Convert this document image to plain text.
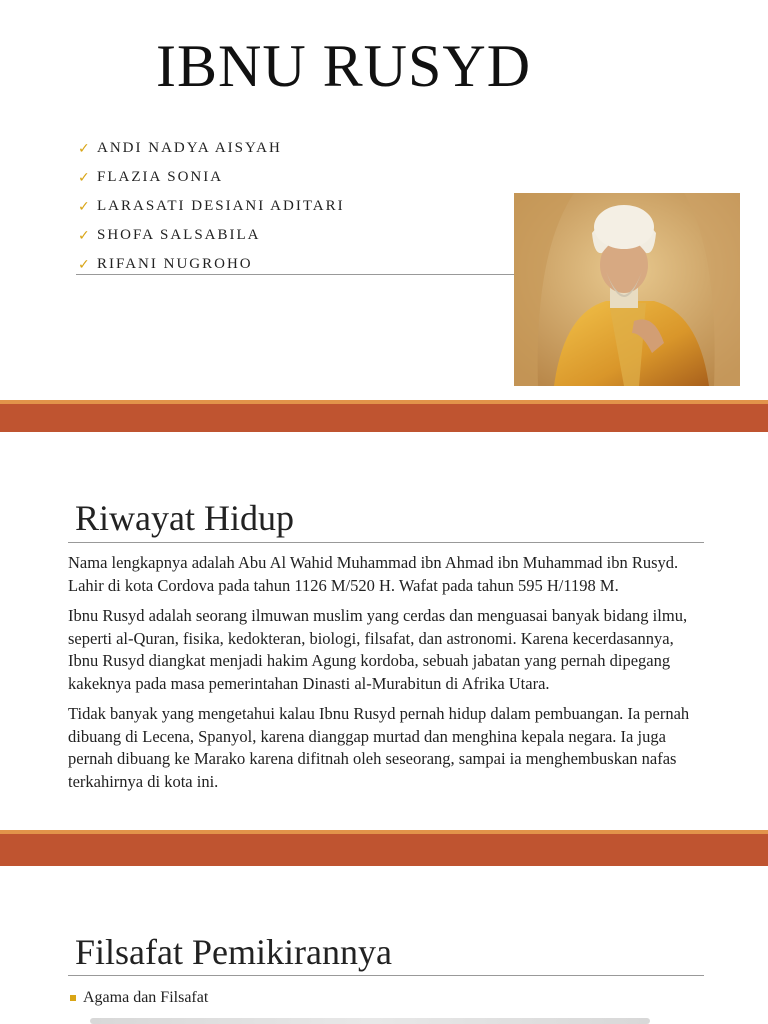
IBNU RUSYD
✓ ANDI NADYA AISYAH
✓ FLAZIA SONIA
✓ LARASATI DESIANI ADITARI
✓ SHOFA SALSABILA
✓ RIFANI NUGROHO
Riwayat Hidup

Nama lengkapnya adalah Abu Al Wahid Muhammad ibn Ahmad ibn Muhammad ibn Rusyd. Lahir di kota Cordova pada tahun 1126 M/520 H. Wafat pada tahun 595 H/1198 M.

Ibnu Rusyd adalah seorang ilmuwan muslim yang cerdas dan menguasai banyak bidang ilmu, seperti al-Quran, fisika, kedokteran, biologi, filsafat, dan astronomi. Karena kecerdasannya, Ibnu Rusyd diangkat menjadi hakim Agung kordoba, sebuah jabatan yang pernah dipegang kakeknya pada masa pemerintahan Dinasti al-Murabitun di Afrika Utara.

Tidak banyak yang mengetahui kalau Ibnu Rusyd pernah hidup dalam pembuangan. Ia pernah dibuang di Lecena, Spanyol, karena dianggap murtad dan menghina kepala negara. Ia juga pernah dibuang ke Marako karena difitnah oleh seseorang, sampai ia menghembuskan nafas terkahirnya di kota ini.

Filsafat Pemikirannya
Agama dan Filsafat
